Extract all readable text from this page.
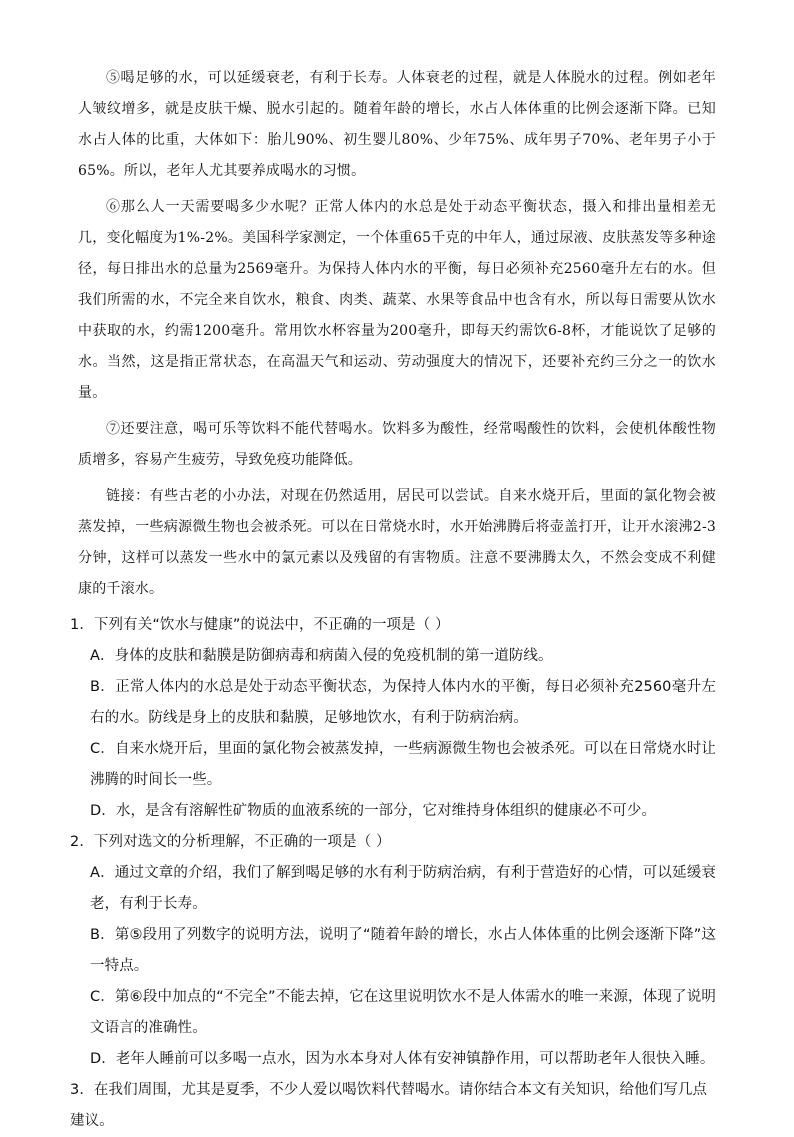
⑤喝足够的水，可以延缓衰老，有利于长寿。人体衰老的过程，就是人体脱水的过程。例如老年人皱纹增多，就是皮肤干燥、脱水引起的。随着年龄的增长，水占人体体重的比例会逐渐下降。已知水占人体的比重，大体如下：胎儿90%、初生婴儿80%、少年75%、成年男子70%、老年男子小于65%。所以，老年人尤其要养成喝水的习惯。

⑥那么人一天需要喝多少水呢？正常人体内的水总是处于动态平衡状态，摄入和排出量相差无几，变化幅度为1%-2%。美国科学家测定，一个体重65千克的中年人，通过尿液、皮肤蒸发等多种途径，每日排出水的总量为2569毫升。为保持人体内水的平衡，每日必须补充2560毫升左右的水。但我们所需的水，不完全来自饮水，粮食、肉类、蔬菜、水果等食品中也含有水，所以每日需要从饮水中获取的水，约需1200毫升。常用饮水杯容量为200毫升，即每天约需饮6-8杯，才能说饮了足够的水。当然，这是指正常状态，在高温天气和运动、劳动强度大的情况下，还要补充约三分之一的饮水量。

⑦还要注意，喝可乐等饮料不能代替喝水。饮料多为酸性，经常喝酸性的饮料，会使机体酸性物质增多，容易产生疲劳，导致免疫功能降低。

链接：有些古老的小办法，对现在仍然适用，居民可以尝试。自来水烧开后，里面的氯化物会被蒸发掉，一些病源微生物也会被杀死。可以在日常烧水时，水开始沸腾后将壶盖打开，让开水滚沸2-3分钟，这样可以蒸发一些水中的氯元素以及残留的有害物质。注意不要沸腾太久，不然会变成不利健康的千滚水。

1．下列有关“饮水与健康”的说法中，不正确的一项是（ ）
A．身体的皮肤和黏膜是防御病毒和病菌入侵的免疫机制的第一道防线。
B．正常人体内的水总是处于动态平衡状态，为保持人体内水的平衡，每日必须补充2560毫升左右的水。防线是身上的皮肤和黏膜，足够地饮水，有利于防病治病。
C．自来水烧开后，里面的氯化物会被蒸发掉，一些病源微生物也会被杀死。可以在日常烧水时让沸腾的时间长一些。
D．水，是含有溶解性矿物质的血液系统的一部分，它对维持身体组织的健康必不可少。
2．下列对选文的分析理解，不正确的一项是（ ）
A．通过文章的介绍，我们了解到喝足够的水有利于防病治病，有利于营造好的心情，可以延缓衰老，有利于长寿。
B．第⑤段用了列数字的说明方法，说明了“随着年龄的增长，水占人体体重的比例会逐渐下降”这一特点。
C．第⑥段中加点的“不完全”不能去掉，它在这里说明饮水不是人体需水的唯一来源，体现了说明文语言的准确性。
D．老年人睡前可以多喝一点水，因为水本身对人体有安神镇静作用，可以帮助老年人很快入睡。
3．在我们周围，尤其是夏季，不少人爱以喝饮料代替喝水。请你结合本文有关知识，给他们写几点建议。
